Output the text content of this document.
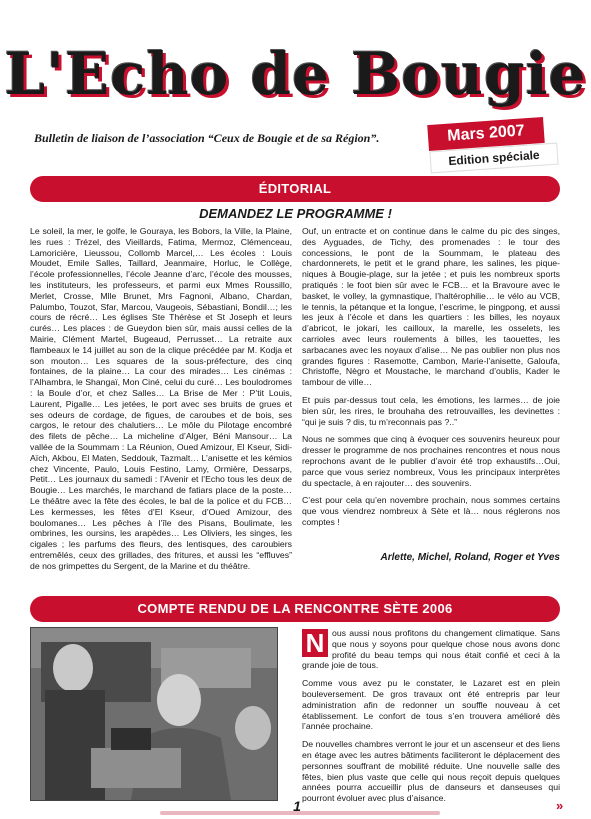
L'Echo de Bougie
Bulletin de liaison de l’association “Ceux de Bougie et de sa Région”.	Mars 2007
Edition spéciale
ÉDITORIAL
DEMANDEZ LE PROGRAMME !

Le soleil, la mer, le golfe, le Gouraya, les Bobors, la Ville, la Plaine, les rues : Trézel, des Vieillards, Fatima, Mermoz, Clémenceau, Lamoricière, Lieussou, Collomb Marcel,… Les écoles : Louis Moudet, Emile Salles, Taillard, Jeanmaire, Horluc, le Collège, l’école professionnelles, l’école Jeanne d’arc, l’école des mousses, les instituteurs, les professeurs, et parmi eux Mmes Roussillo, Merlet, Crosse, Mlle Brunet, Mrs Fagnoni, Albano, Chardan, Palumbo, Touzot, Sfar, Marcou, Vaugeois, Sébastiani, Bondil…; les cours de récré… Les églises Ste Thérèse et St Joseph et leurs curés… Les places : de Gueydon bien sûr, mais aussi celles de la Mairie, Clément Martel, Bugeaud, Perrusset… La retraite aux flambeaux le 14 juillet au son de la clique précédée par M. Kodja et son mouton… Les squares de la sous-préfecture, des cinq fontaines, de la plaine… La cour des mirades… Les cinémas : l’Alhambra, le Shangaï, Mon Ciné, celui du curé… Les boulodromes : la Boule d’or, et chez Salles… La Brise de Mer : P’tit Louis, Laurent, Pigalle… Les jetées, le port avec ses bruits de grues et ses odeurs de cordage, de figues, de caroubes et de bois, ses cargos, le retour des chalutiers… Le môle du Pilotage encombré des filets de pêche… La micheline d’Alger, Béni Mansour… La vallée de la Soummam : La Réunion, Oued Amizour, El Kseur, Sidi-Aïch, Akbou, El Maten, Seddouk, Tazmalt… L’anisette et les kémios chez Vincente, Paulo, Louis Festino, Lamy, Ormière, Dessarps, Petit… Les journaux du samedi : l’Avenir et l’Echo tous les deux de Bougie… Les marchés, le marchand de fatiars place de la poste… Le théâtre avec la fête des écoles, le bal de la police et du FCB… Les kermesses, les fêtes d’El Kseur, d’Oued Amizour, des boulomanes… Les pêches à l’île des Pisans, Boulimate, les ombrines, les oursins, les arapèdes… Les Oliviers, les singes, les cigales ; les parfums des fleurs, des lentisques, des caroubiers entremêlés, ceux des grillades, des fritures, et aussi les “effluves” de nos grimpettes du Sergent, de la Marine et du théâtre.

Ouf, un entracte et on continue dans le calme du pic des singes, des Ayguades, de Tichy, des promenades : le tour des concessions, le pont de la Soummam, le plateau des chardonnerets, le petit et le grand phare, les salines, les pique-niques à Bougie-plage, sur la jetée ; et puis les nombreux sports pratiqués : le foot bien sûr avec le FCB… et la Bravoure avec le basket, le volley, la gymnastique, l’haltérophilie… le vélo au VCB, le tennis, la pétanque et la longue, l’escrime, le pingpong, et aussi les jeux à l’école et dans les quartiers : les billes, les noyaux d’abricot, le jokari, les cailloux, la marelle, les osselets, les carrioles avec leurs roulements à billes, les taouettes, les sarbacanes avec les noyaux d’alise… Ne pas oublier non plus nos grandes figures : Rasemotte, Cambon, Marie-l’anisette, Galoufa, Christoffe, Nègro et Moustache, le marchand d’oublis, Kader le tambour de ville…

Et puis par-dessus tout cela, les émotions, les larmes… de joie bien sûr, les rires, le brouhaha des retrouvailles, les devinettes : “qui je suis ? dis, tu m’reconnais pas ?..”

Nous ne sommes que cinq à évoquer ces souvenirs heureux pour dresser le programme de nos prochaines rencontres et nous nous reprochons avant de le publier d’avoir été trop exhaustifs…Oui, parce que vous seriez nombreux, Vous les principaux interprètes du spectacle, à en rajouter… des souvenirs.

C’est pour cela qu’en novembre prochain, nous sommes certains que vous viendrez nombreux à Sète et là… nous réglerons nos comptes !

Arlette, Michel, Roland, Roger et Yves
COMPTE RENDU DE LA RENCONTRE SÈTE 2006

N ous aussi nous profitons du changement climatique. Sans que nous y soyons pour quelque chose nous avons donc profité du beau temps qui nous était confié et ceci à la grande joie de tous.

Comme vous avez pu le constater, le Lazaret est en plein bouleversement. De gros travaux ont été entrepris par leur administration afin de redonner un souffle nouveau à cet établissement. Le confort de tous s’en trouvera amélioré dès l’année prochaine.

De nouvelles chambres verront le jour et un ascenseur et des liens en étage avec les autres bâtiments faciliteront le déplacement des personnes souffrant de mobilité réduite. Une nouvelle salle des fêtes, bien plus vaste que celle qui nous reçoit depuis quelques années pourra accueillir plus de danseurs et danseuses qui pourront évoluer avec plus d’aisance.

1	»
